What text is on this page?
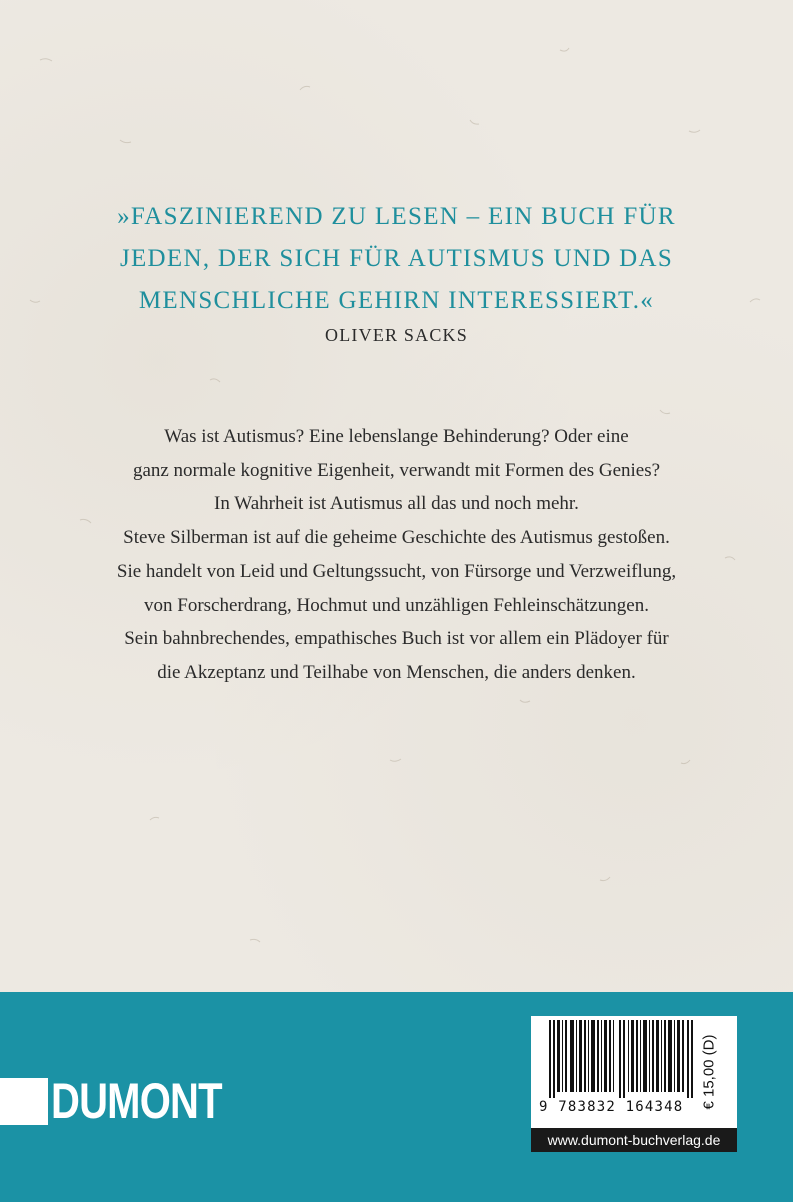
»FASZINIEREND ZU LESEN – EIN BUCH FÜR
JEDEN, DER SICH FÜR AUTISMUS UND DAS
MENSCHLICHE GEHIRN INTERESSIERT.«
OLIVER SACKS
Was ist Autismus? Eine lebenslange Behinderung? Oder eine
ganz normale kognitive Eigenheit, verwandt mit Formen des Genies?
In Wahrheit ist Autismus all das und noch mehr.
Steve Silberman ist auf die geheime Geschichte des Autismus gestoßen.
Sie handelt von Leid und Geltungssucht, von Fürsorge und Verzweiflung,
von Forscherdrang, Hochmut und unzähligen Fehleinschätzungen.
Sein bahnbrechendes, empathisches Buch ist vor allem ein Plädoyer für
die Akzeptanz und Teilhabe von Menschen, die anders denken.
DUMONT	9 783832 164348 € 15,00 (D)
www.dumont-buchverlag.de
